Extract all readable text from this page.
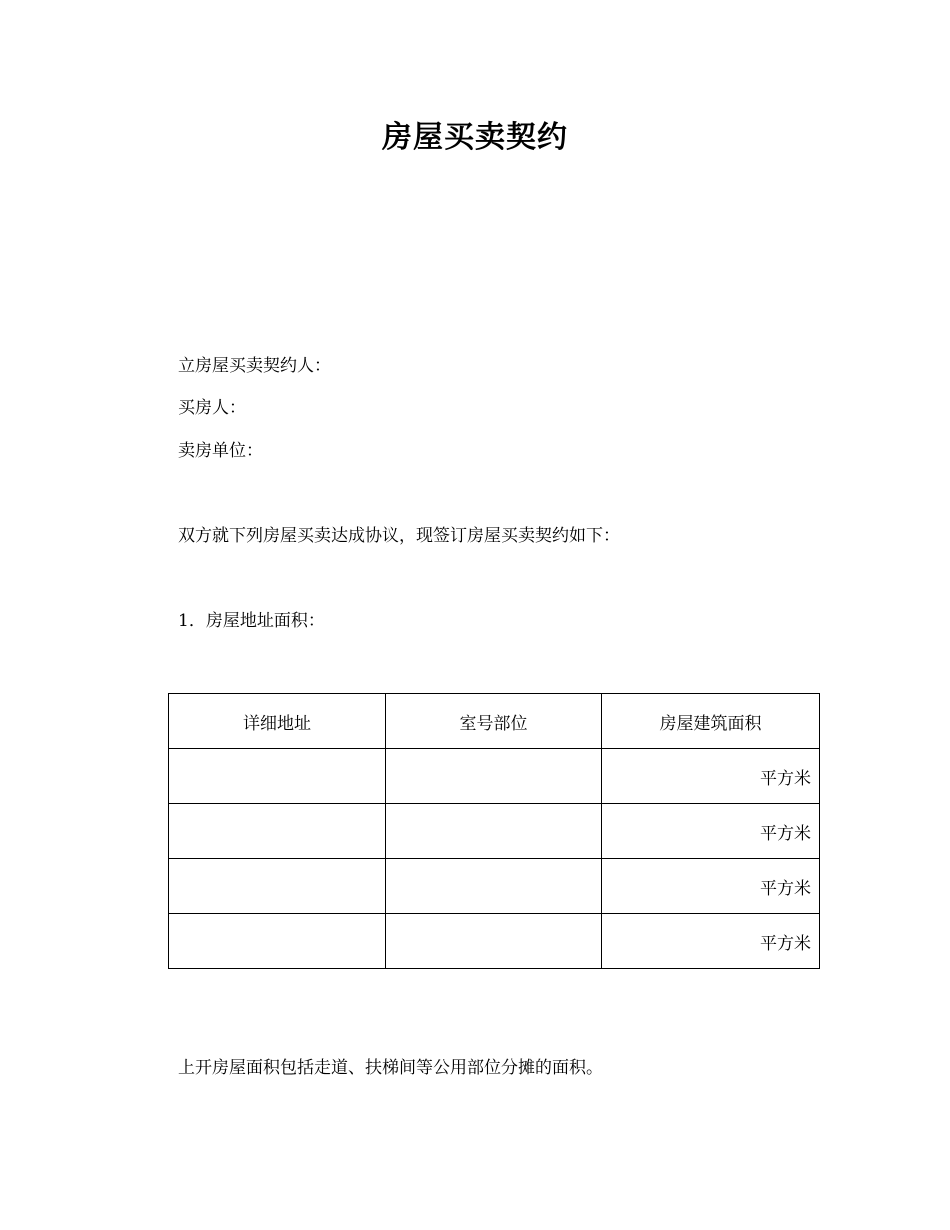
房屋买卖契约
立房屋买卖契约人：
买房人：
卖房单位：
双方就下列房屋买卖达成协议，现签订房屋买卖契约如下：
1．房屋地址面积：
详细地址	室号部位	房屋建筑面积
		平方米
		平方米
		平方米
		平方米
上开房屋面积包括走道、扶梯间等公用部位分摊的面积。
